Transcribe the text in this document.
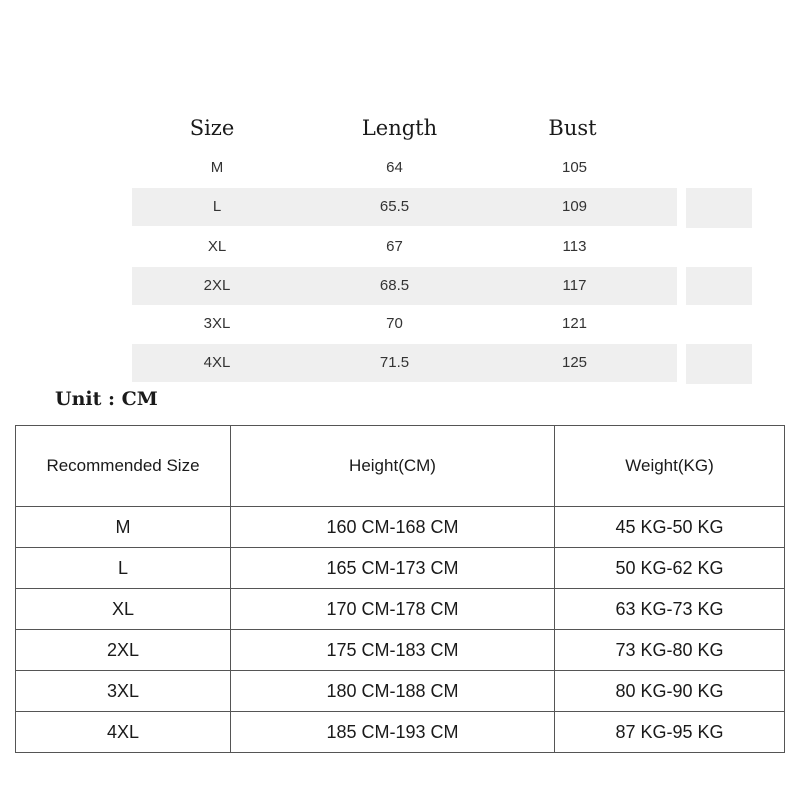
Size	Length	Bust
M	64	105
L	65.5	109
XL	67	113
2XL	68.5	117
3XL	70	121
4XL	71.5	125
Unit : CM
Recommended Size	Height(CM)	Weight(KG)
M	160 CM-168 CM	45 KG-50 KG
L	165 CM-173 CM	50 KG-62 KG
XL	170 CM-178 CM	63 KG-73 KG
2XL	175 CM-183 CM	73 KG-80 KG
3XL	180 CM-188 CM	80 KG-90 KG
4XL	185 CM-193 CM	87 KG-95 KG
